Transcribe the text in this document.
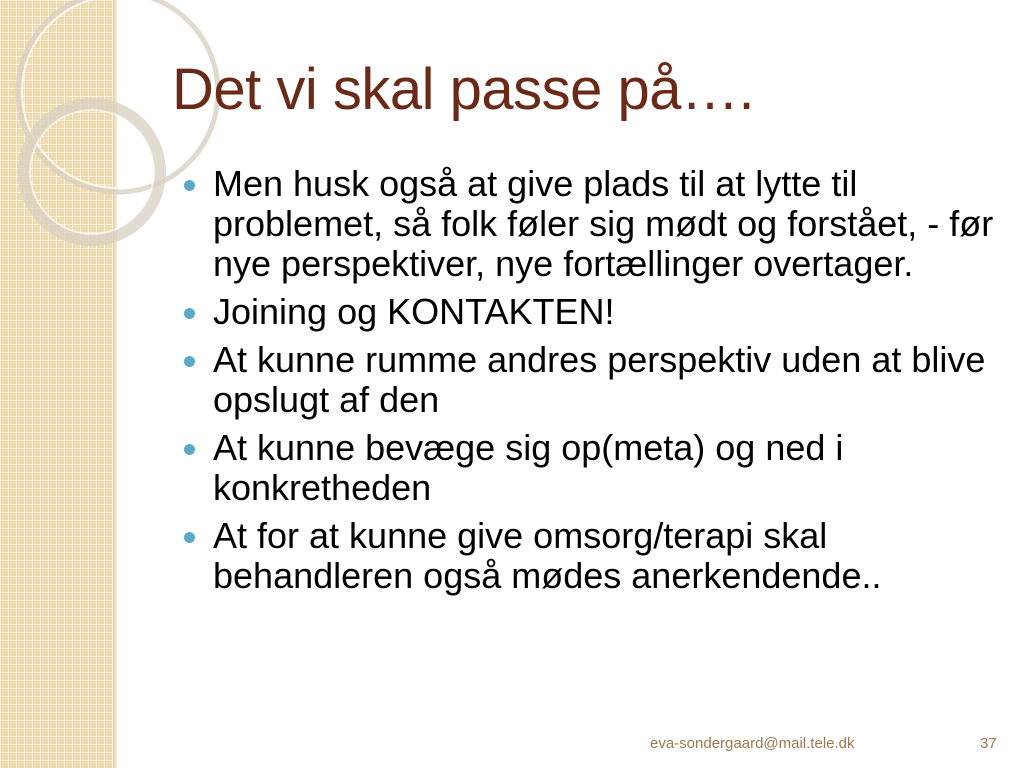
Det vi skal passe på….
Men husk også at give plads til at lytte til problemet, så folk føler sig mødt og forstået, - før nye perspektiver, nye fortællinger overtager.
Joining og KONTAKTEN!
At kunne rumme andres perspektiv uden at blive opslugt af den
At kunne bevæge sig op(meta) og ned i konkretheden
At for at kunne give omsorg/terapi skal behandleren også mødes anerkendende..
eva-sondergaard@mail.tele.dk	37
